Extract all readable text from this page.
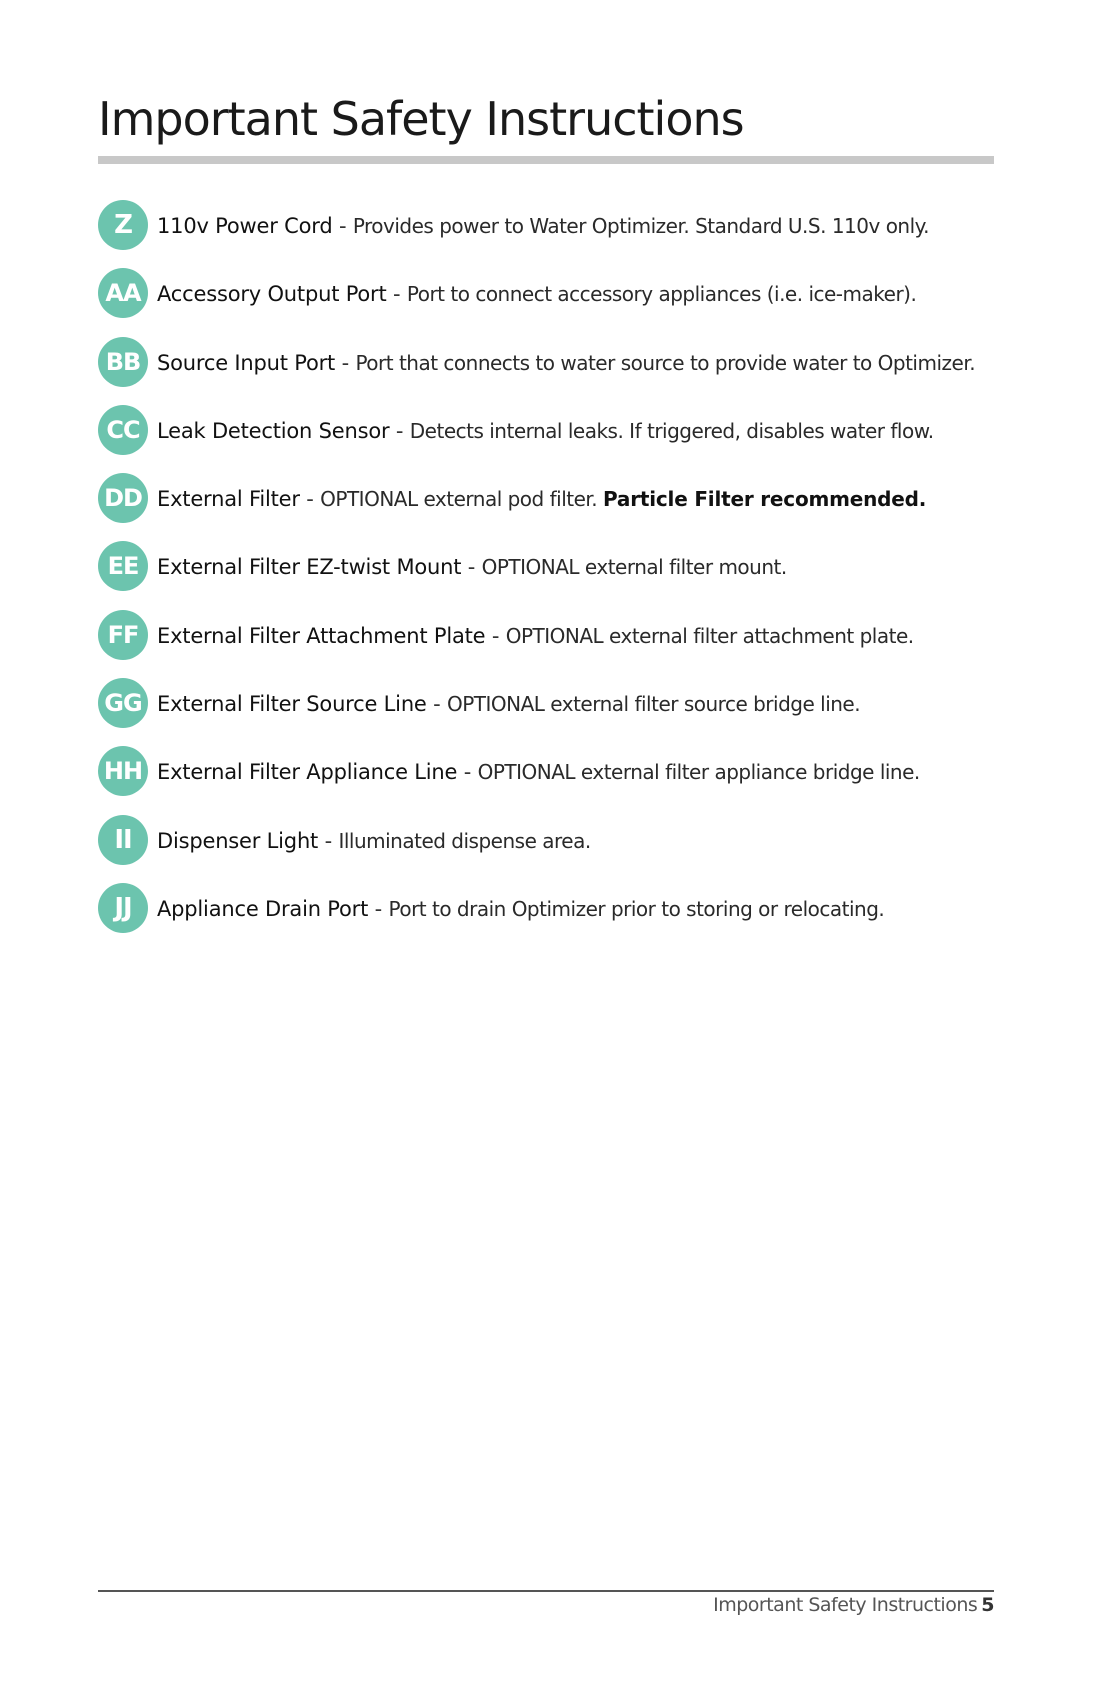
Important Safety Instructions
Z	110v Power Cord - Provides power to Water Optimizer. Standard U.S. 110v only.
AA Accessory Output Port - Port to connect accessory appliances (i.e. ice-maker).
BB Source Input Port - Port that connects to water source to provide water to Optimizer.
CC Leak Detection Sensor - Detects internal leaks. If triggered, disables water flow.
DD External Filter - OPTIONAL external pod filter. Particle Filter recommended.
EE External Filter EZ-twist Mount - OPTIONAL external filter mount.
FF External Filter Attachment Plate - OPTIONAL external filter attachment plate.
GG External Filter Source Line - OPTIONAL external filter source bridge line.
HH External Filter Appliance Line - OPTIONAL external filter appliance bridge line.
II	Dispenser Light - Illuminated dispense area.
JJ	Appliance Drain Port - Port to drain Optimizer prior to storing or relocating.
Important Safety Instructions 5
